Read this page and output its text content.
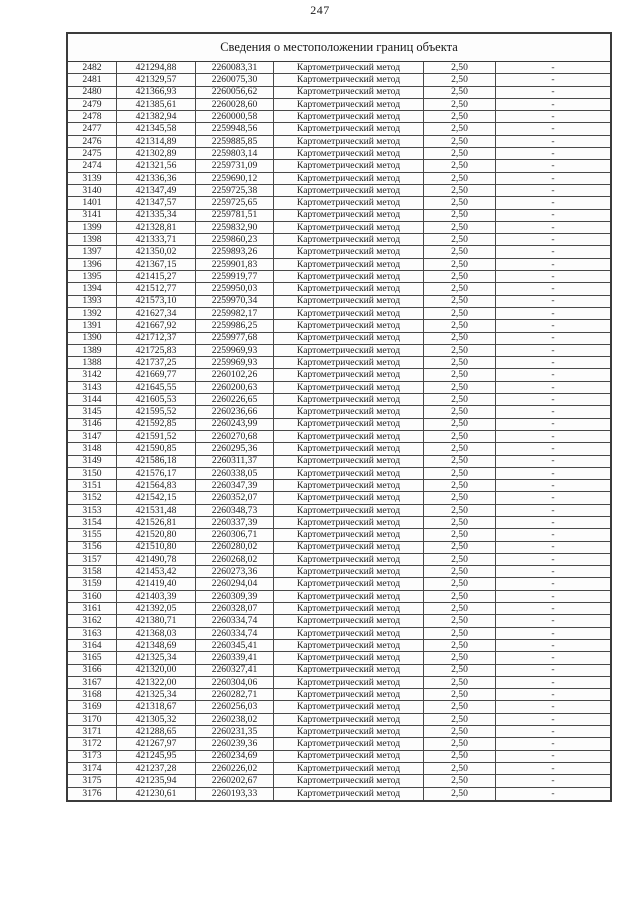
247
Сведения о местоположении границ объекта
2482	421294,88	2260083,31	Картометрический метод	2,50	-
2481	421329,57	2260075,30	Картометрический метод	2,50	-
2480	421366,93	2260056,62	Картометрический метод	2,50	-
2479	421385,61	2260028,60	Картометрический метод	2,50	-
2478	421382,94	2260000,58	Картометрический метод	2,50	-
2477	421345,58	2259948,56	Картометрический метод	2,50	-
2476	421314,89	2259885,85	Картометрический метод	2,50	-
2475	421302,89	2259803,14	Картометрический метод	2,50	-
2474	421321,56	2259731,09	Картометрический метод	2,50	-
3139	421336,36	2259690,12	Картометрический метод	2,50	-
3140	421347,49	2259725,38	Картометрический метод	2,50	-
1401	421347,57	2259725,65	Картометрический метод	2,50	-
3141	421335,34	2259781,51	Картометрический метод	2,50	-
1399	421328,81	2259832,90	Картометрический метод	2,50	-
1398	421333,71	2259860,23	Картометрический метод	2,50	-
1397	421350,02	2259893,26	Картометрический метод	2,50	-
1396	421367,15	2259901,83	Картометрический метод	2,50	-
1395	421415,27	2259919,77	Картометрический метод	2,50	-
1394	421512,77	2259950,03	Картометрический метод	2,50	-
1393	421573,10	2259970,34	Картометрический метод	2,50	-
1392	421627,34	2259982,17	Картометрический метод	2,50	-
1391	421667,92	2259986,25	Картометрический метод	2,50	-
1390	421712,37	2259977,68	Картометрический метод	2,50	-
1389	421725,83	2259969,93	Картометрический метод	2,50	-
1388	421737,25	2259969,93	Картометрический метод	2,50	-
3142	421669,77	2260102,26	Картометрический метод	2,50	-
3143	421645,55	2260200,63	Картометрический метод	2,50	-
3144	421605,53	2260226,65	Картометрический метод	2,50	-
3145	421595,52	2260236,66	Картометрический метод	2,50	-
3146	421592,85	2260243,99	Картометрический метод	2,50	-
3147	421591,52	2260270,68	Картометрический метод	2,50	-
3148	421590,85	2260295,36	Картометрический метод	2,50	-
3149	421586,18	2260311,37	Картометрический метод	2,50	-
3150	421576,17	2260338,05	Картометрический метод	2,50	-
3151	421564,83	2260347,39	Картометрический метод	2,50	-
3152	421542,15	2260352,07	Картометрический метод	2,50	-
3153	421531,48	2260348,73	Картометрический метод	2,50	-
3154	421526,81	2260337,39	Картометрический метод	2,50	-
3155	421520,80	2260306,71	Картометрический метод	2,50	-
3156	421510,80	2260280,02	Картометрический метод	2,50	-
3157	421490,78	2260268,02	Картометрический метод	2,50	-
3158	421453,42	2260273,36	Картометрический метод	2,50	-
3159	421419,40	2260294,04	Картометрический метод	2,50	-
3160	421403,39	2260309,39	Картометрический метод	2,50	-
3161	421392,05	2260328,07	Картометрический метод	2,50	-
3162	421380,71	2260334,74	Картометрический метод	2,50	-
3163	421368,03	2260334,74	Картометрический метод	2,50	-
3164	421348,69	2260345,41	Картометрический метод	2,50	-
3165	421325,34	2260339,41	Картометрический метод	2,50	-
3166	421320,00	2260327,41	Картометрический метод	2,50	-
3167	421322,00	2260304,06	Картометрический метод	2,50	-
3168	421325,34	2260282,71	Картометрический метод	2,50	-
3169	421318,67	2260256,03	Картометрический метод	2,50	-
3170	421305,32	2260238,02	Картометрический метод	2,50	-
3171	421288,65	2260231,35	Картометрический метод	2,50	-
3172	421267,97	2260239,36	Картометрический метод	2,50	-
3173	421245,95	2260234,69	Картометрический метод	2,50	-
3174	421237,28	2260226,02	Картометрический метод	2,50	-
3175	421235,94	2260202,67	Картометрический метод	2,50	-
3176	421230,61	2260193,33	Картометрический метод	2,50	-
